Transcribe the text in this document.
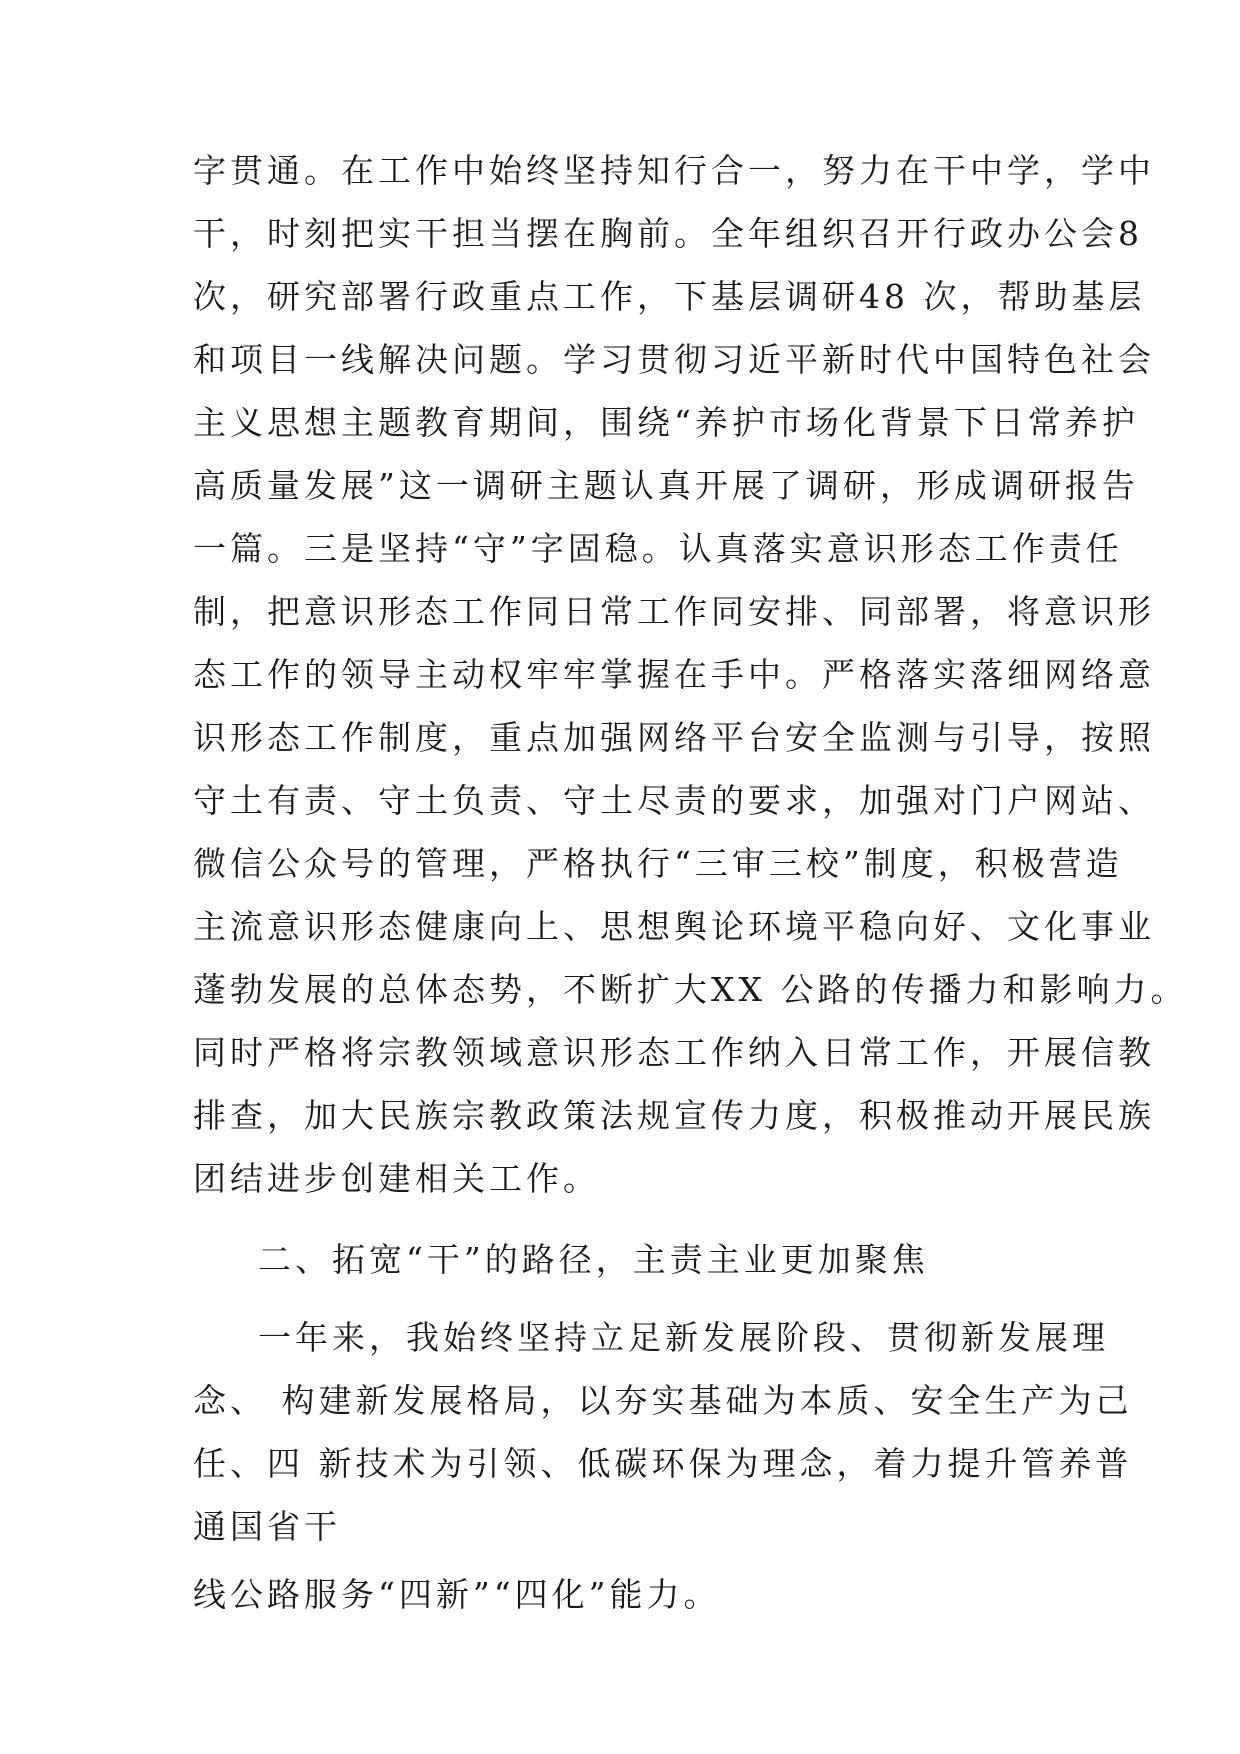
字贯通。在工作中始终坚持知行合一，努力在干中学，学中
干，时刻把实干担当摆在胸前。全年组织召开行政办公会8
次，研究部署行政重点工作，下基层调研48 次，帮助基层
和项目一线解决问题。学习贯彻习近平新时代中国特色社会
主义思想主题教育期间，围绕“养护市场化背景下日常养护
高质量发展”这一调研主题认真开展了调研，形成调研报告
一篇。三是坚持“守”字固稳。认真落实意识形态工作责任
制，把意识形态工作同日常工作同安排、同部署，将意识形
态工作的领导主动权牢牢掌握在手中。严格落实落细网络意
识形态工作制度，重点加强网络平台安全监测与引导，按照
守土有责、守土负责、守土尽责的要求，加强对门户网站、
微信公众号的管理，严格执行“三审三校”制度，积极营造
主流意识形态健康向上、思想舆论环境平稳向好、文化事业
蓬勃发展的总体态势，不断扩大XX 公路的传播力和影响力。
同时严格将宗教领域意识形态工作纳入日常工作，开展信教
排查，加大民族宗教政策法规宣传力度，积极推动开展民族
团结进步创建相关工作。
二、拓宽“干”的路径，主责主业更加聚焦
一年来，我始终坚持立足新发展阶段、贯彻新发展理
念、 构建新发展格局，以夯实基础为本质、安全生产为己
任、四 新技术为引领、低碳环保为理念，着力提升管养普
通国省干
线公路服务“四新”“四化”能力。
